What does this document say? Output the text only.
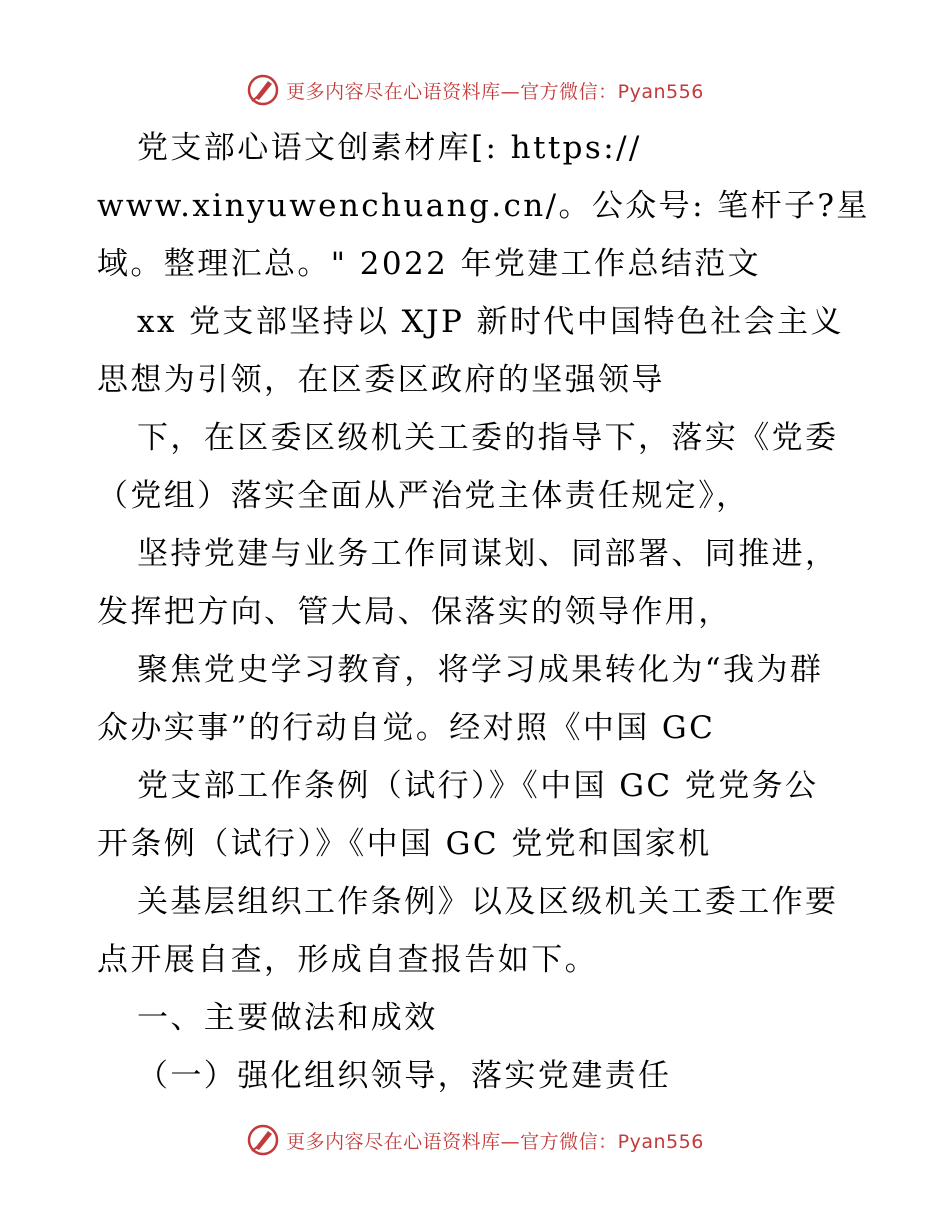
更多内容尽在心语资料库—官方微信：Pyan556
党支部心语文创素材库[: https://
www.xinyuwenchuang.cn/。公众号: 笔杆子?星
域。整理汇总。" 2022 年党建工作总结范文
xx 党支部坚持以 XJP 新时代中国特色社会主义
思想为引领，在区委区政府的坚强领导
下，在区委区级机关工委的指导下，落实《党委
（党组）落实全面从严治党主体责任规定》，
坚持党建与业务工作同谋划、同部署、同推进，
发挥把方向、管大局、保落实的领导作用，
聚焦党史学习教育，将学习成果转化为“我为群
众办实事”的行动自觉。经对照《中国 GC
党支部工作条例（试行）》《中国 GC 党党务公
开条例（试行）》《中国 GC 党党和国家机
关基层组织工作条例》以及区级机关工委工作要
点开展自查，形成自查报告如下。
一、主要做法和成效
（一）强化组织领导，落实党建责任
更多内容尽在心语资料库—官方微信：Pyan556
